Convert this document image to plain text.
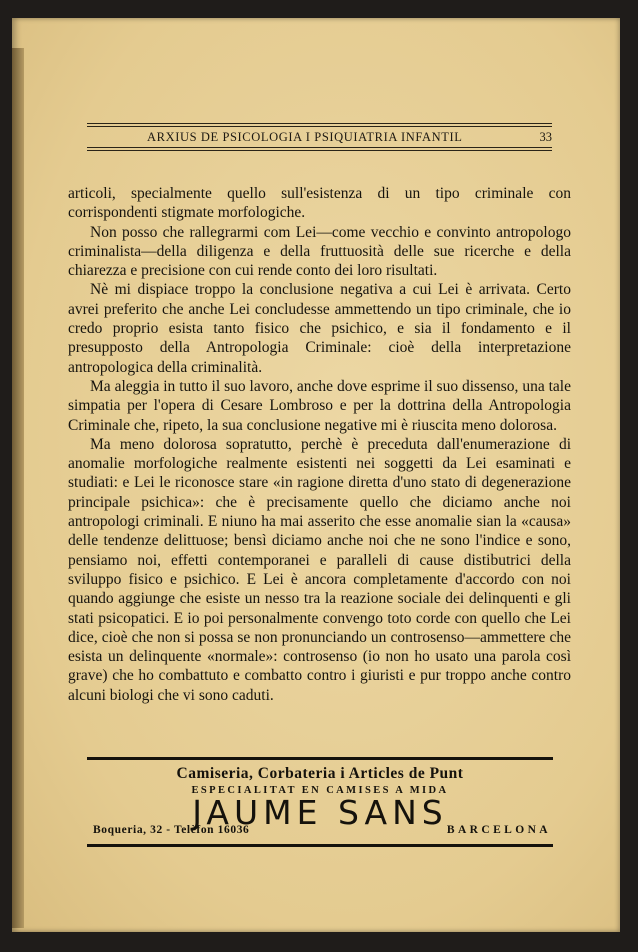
ARXIUS DE PSICOLOGIA I PSIQUIATRIA INFANTIL	33

articoli, specialmente quello sull'esistenza di un tipo criminale con corrispondenti stigmate morfologiche.

Non posso che rallegrarmi com Lei—come vecchio e convinto antropologo criminalista—della diligenza e della fruttuosità delle sue ricerche e della chiarezza e precisione con cui rende conto dei loro risultati.

Nè mi dispiace troppo la conclusione negativa a cui Lei è arrivata. Certo avrei preferito che anche Lei concludesse ammettendo un tipo criminale, che io credo proprio esista tanto fisico che psichico, e sia il fondamento e il presupposto della Antropologia Criminale: cioè della interpretazione antropologica della criminalità.

Ma aleggia in tutto il suo lavoro, anche dove esprime il suo dissenso, una tale simpatia per l'opera di Cesare Lombroso e per la dottrina della Antropologia Criminale che, ripeto, la sua conclusione negative mi è riuscita meno dolorosa.

Ma meno dolorosa sopratutto, perchè è preceduta dall'enumerazione di anomalie morfologiche realmente esistenti nei soggetti da Lei esaminati e studiati: e Lei le riconosce stare «in ragione diretta d'uno stato di degenerazione principale psichica»: che è precisamente quello che diciamo anche noi antropologi criminali. E niuno ha mai asserito che esse anomalie sian la «causa» delle tendenze delittuose; bensì diciamo anche noi che ne sono l'indice e sono, pensiamo noi, effetti contemporanei e paralleli di cause distibutrici della sviluppo fisico e psichico. E Lei è ancora completamente d'accordo con noi quando aggiunge che esiste un nesso tra la reazione sociale dei delinquenti e gli stati psicopatici. E io poi personalmente convengo toto corde con quello che Lei dice, cioè che non si possa se non pronunciando un controsenso—ammettere che esista un delinquente «normale»: controsenso (io non ho usato una parola così grave) che ho combattuto e combatto contro i giuristi e pur troppo anche contro alcuni biologi che vi sono caduti.

Camiseria, Corbateria i Articles de Punt
ESPECIALITAT EN CAMISES A MIDA
JAUME SANS
Boqueria, 32 - Telèfon 16036	BARCELONA
